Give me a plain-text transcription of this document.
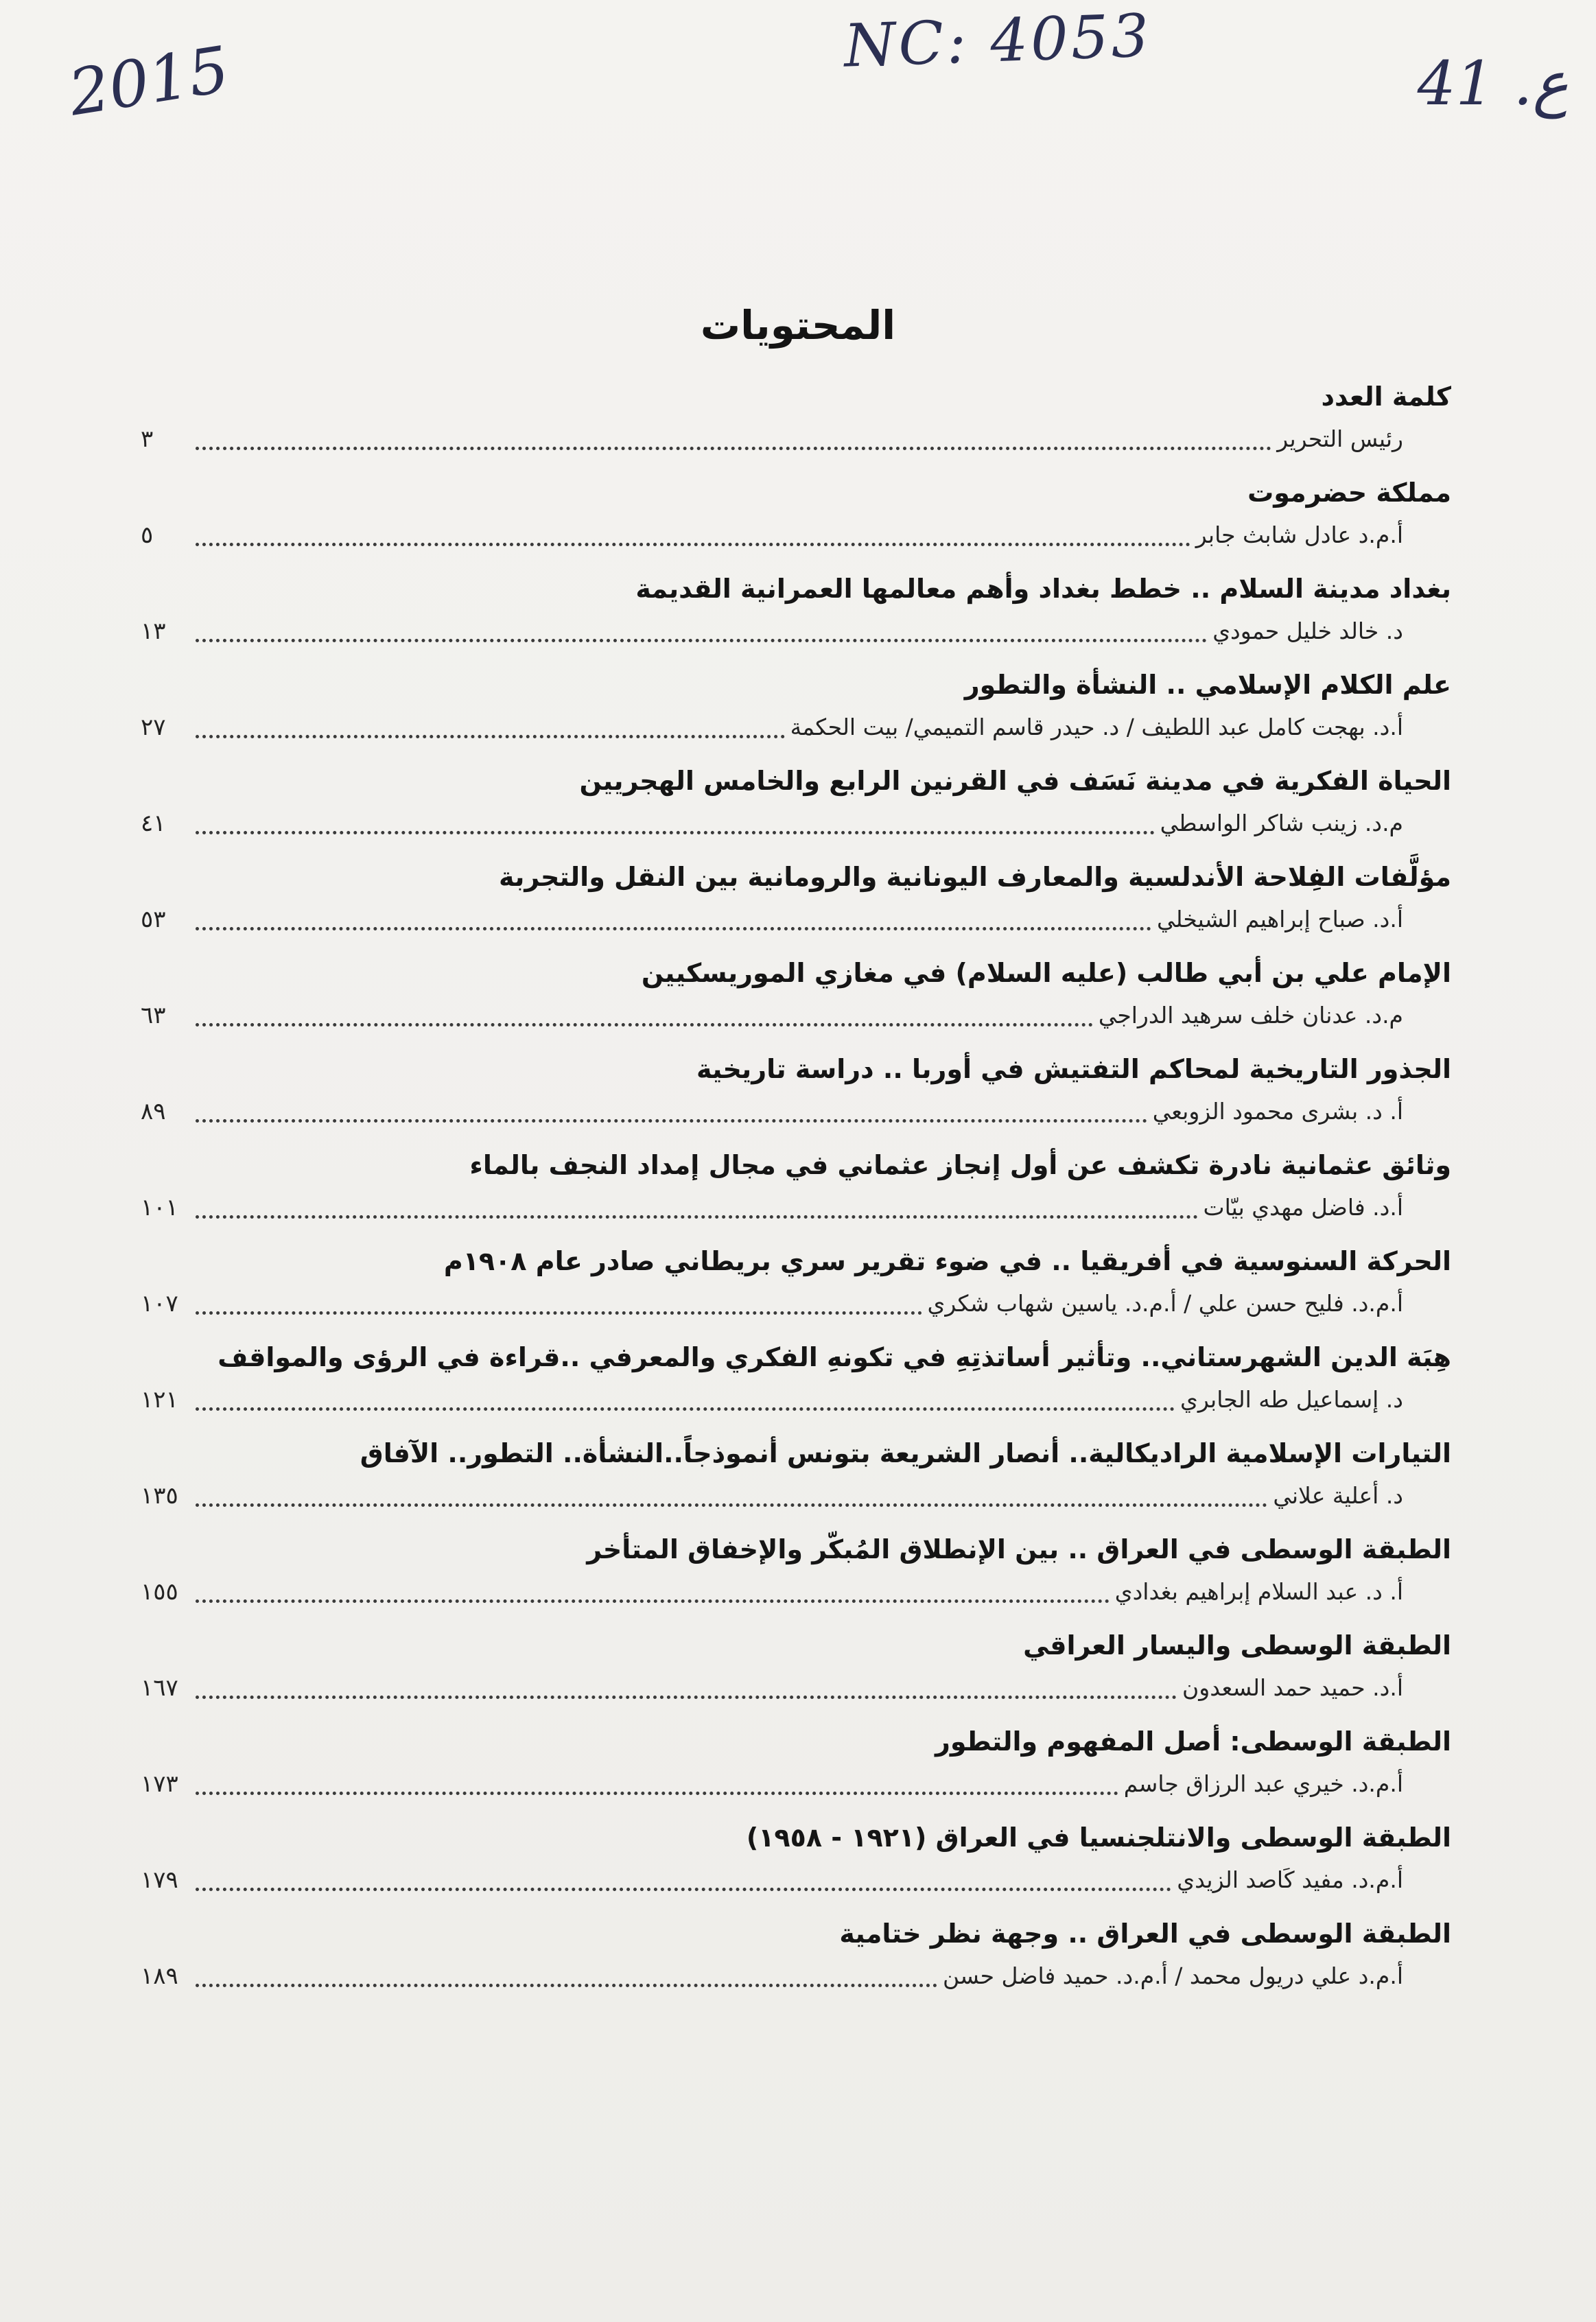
2015	NC: 4053
ع. 41
المحتويات
كلمة العدد
رئيس التحرير
٣
مملكة حضرموت
أ.م.د عادل شابث جابر
٥
بغداد مدينة السلام .. خطط بغداد وأهم معالمها العمرانية القديمة
د. خالد خليل حمودي
١٣
علم الكلام الإسلامي .. النشأة والتطور
أ.د. بهجت كامل عبد اللطيف / د. حيدر قاسم التميمي/ بيت الحكمة
٢٧
الحياة الفكرية في مدينة نَسَف في القرنين الرابع والخامس الهجريين
م.د. زينب شاكر الواسطي
٤١
مؤلَّفات الفِلاحة الأندلسية والمعارف اليونانية والرومانية بين النقل والتجربة
أ.د. صباح إبراهيم الشيخلي
٥٣
الإمام علي بن أبي طالب (عليه السلام) في مغازي الموريسكيين
م.د. عدنان خلف سرهيد الدراجي
٦٣
الجذور التاريخية لمحاكم التفتيش في أوربا .. دراسة تاريخية
أ. د. بشرى محمود الزوبعي
٨٩
وثائق عثمانية نادرة تكشف عن أول إنجاز عثماني في مجال إمداد النجف بالماء
أ.د. فاضل مهدي بيّات
١٠١
الحركة السنوسية في أفريقيا .. في ضوء تقرير سري بريطاني صادر عام ١٩٠٨م
أ.م.د. فليح حسن علي / أ.م.د. ياسين شهاب شكري
١٠٧
هِبَة الدين الشهرستاني.. وتأثير أساتذتِهِ في تكونهِ الفكري والمعرفي ..قراءة في الرؤى والمواقف
د. إسماعيل طه الجابري
١٢١
التيارات الإسلامية الراديكالية.. أنصار الشريعة بتونس أنموذجاً..النشأة.. التطور.. الآفاق
د. أعلية علاني
١٣٥
الطبقة الوسطى في العراق .. بين الإنطلاق المُبكّر والإخفاق المتأخر
أ. د. عبد السلام إبراهيم بغدادي
١٥٥
الطبقة الوسطى واليسار العراقي
أ.د. حميد حمد السعدون
١٦٧
الطبقة الوسطى: أصل المفهوم والتطور
أ.م.د. خيري عبد الرزاق جاسم
١٧٣
الطبقة الوسطى والانتلجنسيا في العراق (١٩٢١ - ١٩٥٨)
أ.م.د. مفيد كَاصد الزيدي
١٧٩
الطبقة الوسطى في العراق .. وجهة نظر ختامية
أ.م.د علي دريول محمد / أ.م.د. حميد فاضل حسن
١٨٩
